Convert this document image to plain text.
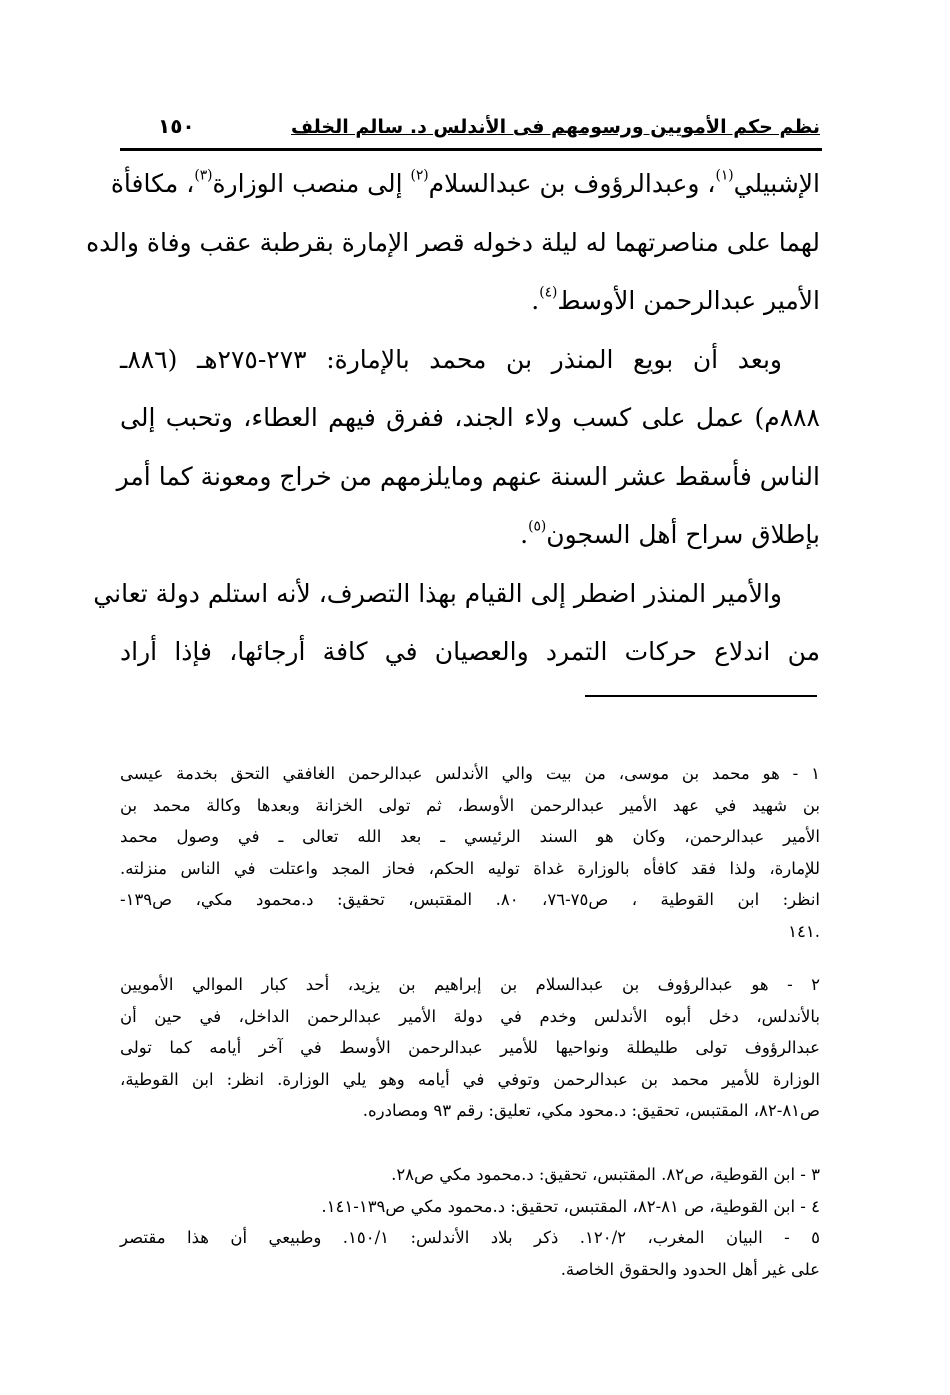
١٥٠	نظم حكم الأمويين ورسومهم فى الأندلس د. سالم الخلف
الإشبيلي$^{(١)}$، وعبدالرؤوف بن عبدالسلام$^{(٢)}$ إلى منصب الوزارة$^{(٣)}$، مكافأة
لهما على مناصرتهما له ليلة دخوله قصر الإمارة بقرطبة عقب وفاة والده
الأمير عبدالرحمن الأوسط$^{(٤)}$.
وبعد أن بويع المنذر بن محمد بالإمارة: ٢٧٣-٢٧٥هـ (٨٨٦ـ
٨٨٨م) عمل على كسب ولاء الجند، ففرق فيهم العطاء، وتحبب إلى
الناس فأسقط عشر السنة عنهم ومايلزمهم من خراج ومعونة كما أمر
بإطلاق سراح أهل السجون$^{(٥)}$.
والأمير المنذر اضطر إلى القيام بهذا التصرف، لأنه استلم دولة تعاني
من اندلاع حركات التمرد والعصيان في كافة أرجائها، فإذا أراد
١ - هو محمد بن موسى، من بيت والي الأندلس عبدالرحمن الغافقي التحق بخدمة عيسى
بن شهيد في عهد الأمير عبدالرحمن الأوسط، ثم تولى الخزانة وبعدها وكالة محمد بن
الأمير عبدالرحمن، وكان هو السند الرئيسي ـ بعد الله تعالى ـ في وصول محمد
للإمارة، ولذا فقد كافأه بالوزارة غداة توليه الحكم، فحاز المجد واعتلت في الناس منزلته.
انظر: ابن القوطية ، ص٧٥-٧٦، ٨٠. المقتبس، تحقيق: د.محمود مكي، ص١٣٩-
.١٤١
٢ - هو عبدالرؤوف بن عبدالسلام بن إبراهيم بن يزيد، أحد كبار الموالي الأمويين
بالأندلس، دخل أبوه الأندلس وخدم في دولة الأمير عبدالرحمن الداخل، في حين أن
عبدالرؤوف تولى طليطلة ونواحيها للأمير عبدالرحمن الأوسط في آخر أيامه كما تولى
الوزارة للأمير محمد بن عبدالرحمن وتوفي في أيامه وهو يلي الوزارة. انظر: ابن القوطية،
ص٨١-٨٢، المقتبس، تحقيق: د.محود مكي، تعليق: رقم ٩٣ ومصادره.
٣ - ابن القوطية، ص٨٢. المقتبس، تحقيق: د.محمود مكي ص٢٨.
٤ - ابن القوطية، ص ٨١-٨٢، المقتبس، تحقيق: د.محمود مكي ص١٣٩-١٤١.
٥ - البيان المغرب، ١٢٠/٢. ذكر بلاد الأندلس: ١٥٠/١. وطبيعي أن هذا مقتصر
على غير أهل الحدود والحقوق الخاصة.
